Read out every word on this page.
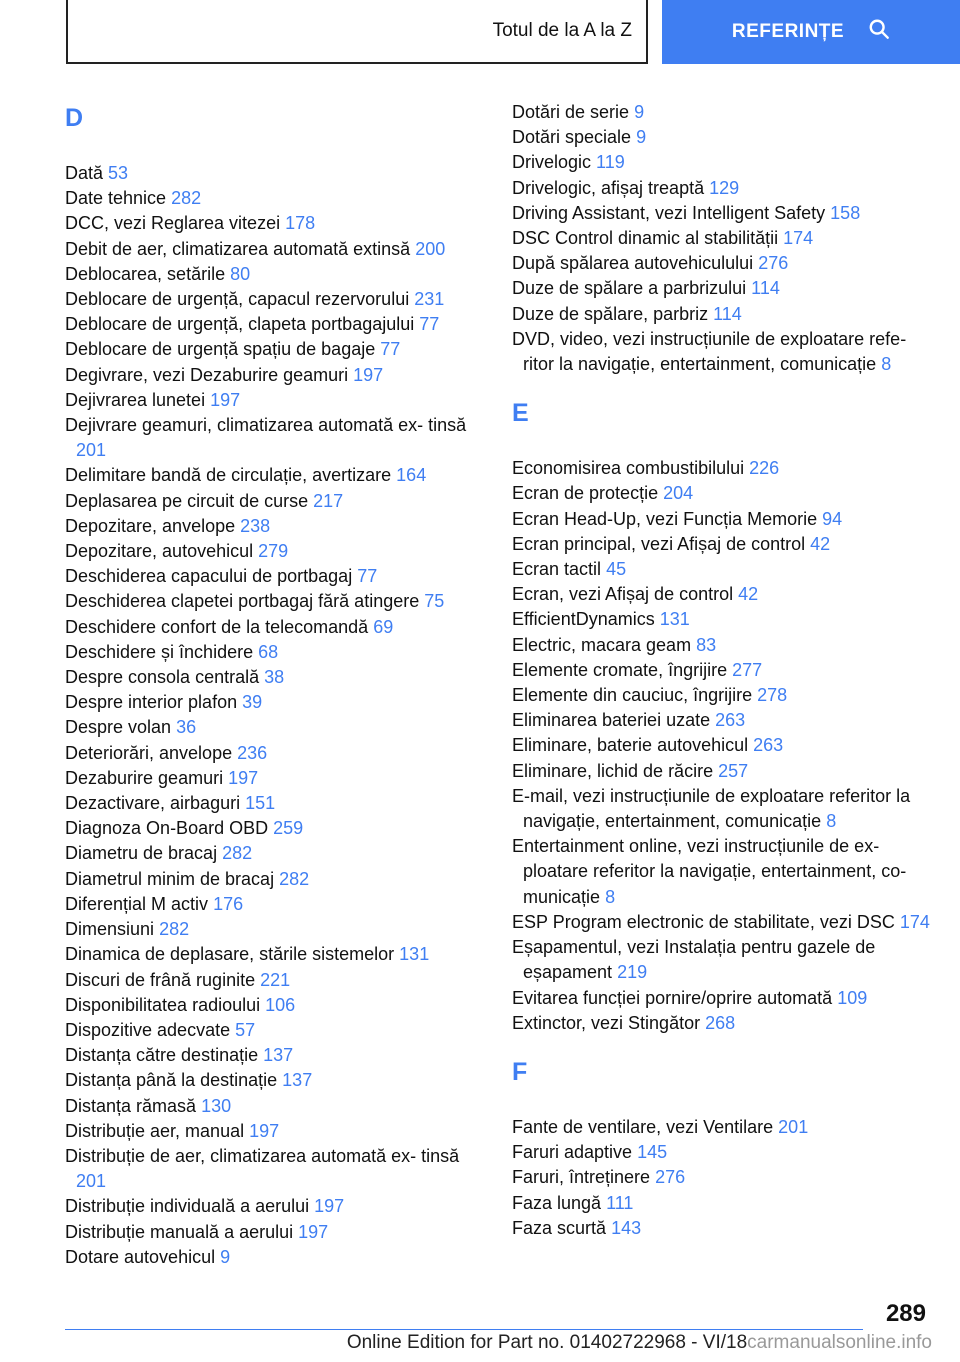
Totul de la A la Z	REFERINȚE
D
Dată 53
Date tehnice 282
DCC, vezi Reglarea vitezei 178
Debit de aer, climatizarea automată extinsă 200
Deblocarea, setările 80
Deblocare de urgență, capacul rezervorului 231
Deblocare de urgență, clapeta portbagajului 77
Deblocare de urgență spațiu de bagaje 77
Degivrare, vezi Dezaburire geamuri 197
Dejivrarea lunetei 197
Dejivrare geamuri, climatizarea automată ex- tinsă 201
Delimitare bandă de circulație, avertizare 164
Deplasarea pe circuit de curse 217
Depozitare, anvelope 238
Depozitare, autovehicul 279
Deschiderea capacului de portbagaj 77
Deschiderea clapetei portbagaj fără atingere 75
Deschidere confort de la telecomandă 69
Deschidere și închidere 68
Despre consola centrală 38
Despre interior plafon 39
Despre volan 36
Deteriorări, anvelope 236
Dezaburire geamuri 197
Dezactivare, airbaguri 151
Diagnoza On-Board OBD 259
Diametru de bracaj 282
Diametrul minim de bracaj 282
Diferențial M activ 176
Dimensiuni 282
Dinamica de deplasare, stările sistemelor 131
Discuri de frână ruginite 221
Disponibilitatea radioului 106
Dispozitive adecvate 57
Distanța către destinație 137
Distanța până la destinație 137
Distanța rămasă 130
Distribuție aer, manual 197
Distribuție de aer, climatizarea automată ex- tinsă 201
Distribuție individuală a aerului 197
Distribuție manuală a aerului 197
Dotare autovehicul 9
Dotări de serie 9
Dotări speciale 9
Drivelogic 119
Drivelogic, afișaj treaptă 129
Driving Assistant, vezi Intelligent Safety 158
DSC Control dinamic al stabilității 174
După spălarea autovehiculului 276
Duze de spălare a parbrizului 114
Duze de spălare, parbriz 114
DVD, video, vezi instrucțiunile de exploatare refe- ritor la navigație, entertainment, comunicație 8
E
Economisirea combustibilului 226
Ecran de protecție 204
Ecran Head-Up, vezi Funcția Memorie 94
Ecran principal, vezi Afișaj de control 42
Ecran tactil 45
Ecran, vezi Afișaj de control 42
EfficientDynamics 131
Electric, macara geam 83
Elemente cromate, îngrijire 277
Elemente din cauciuc, îngrijire 278
Eliminarea bateriei uzate 263
Eliminare, baterie autovehicul 263
Eliminare, lichid de răcire 257
E-mail, vezi instrucțiunile de exploatare referitor la navigație, entertainment, comunicație 8
Entertainment online, vezi instrucțiunile de ex- ploatare referitor la navigație, entertainment, co- municație 8
ESP Program electronic de stabilitate, vezi DSC 174
Eșapamentul, vezi Instalația pentru gazele de eșapament 219
Evitarea funcției pornire/oprire automată 109
Extinctor, vezi Stingător 268
F
Fante de ventilare, vezi Ventilare 201
Faruri adaptive 145
Faruri, întreținere 276
Faza lungă 111
Faza scurtă 143
289
Online Edition for Part no. 01402722968 - VI/18carmanualsonline.info
